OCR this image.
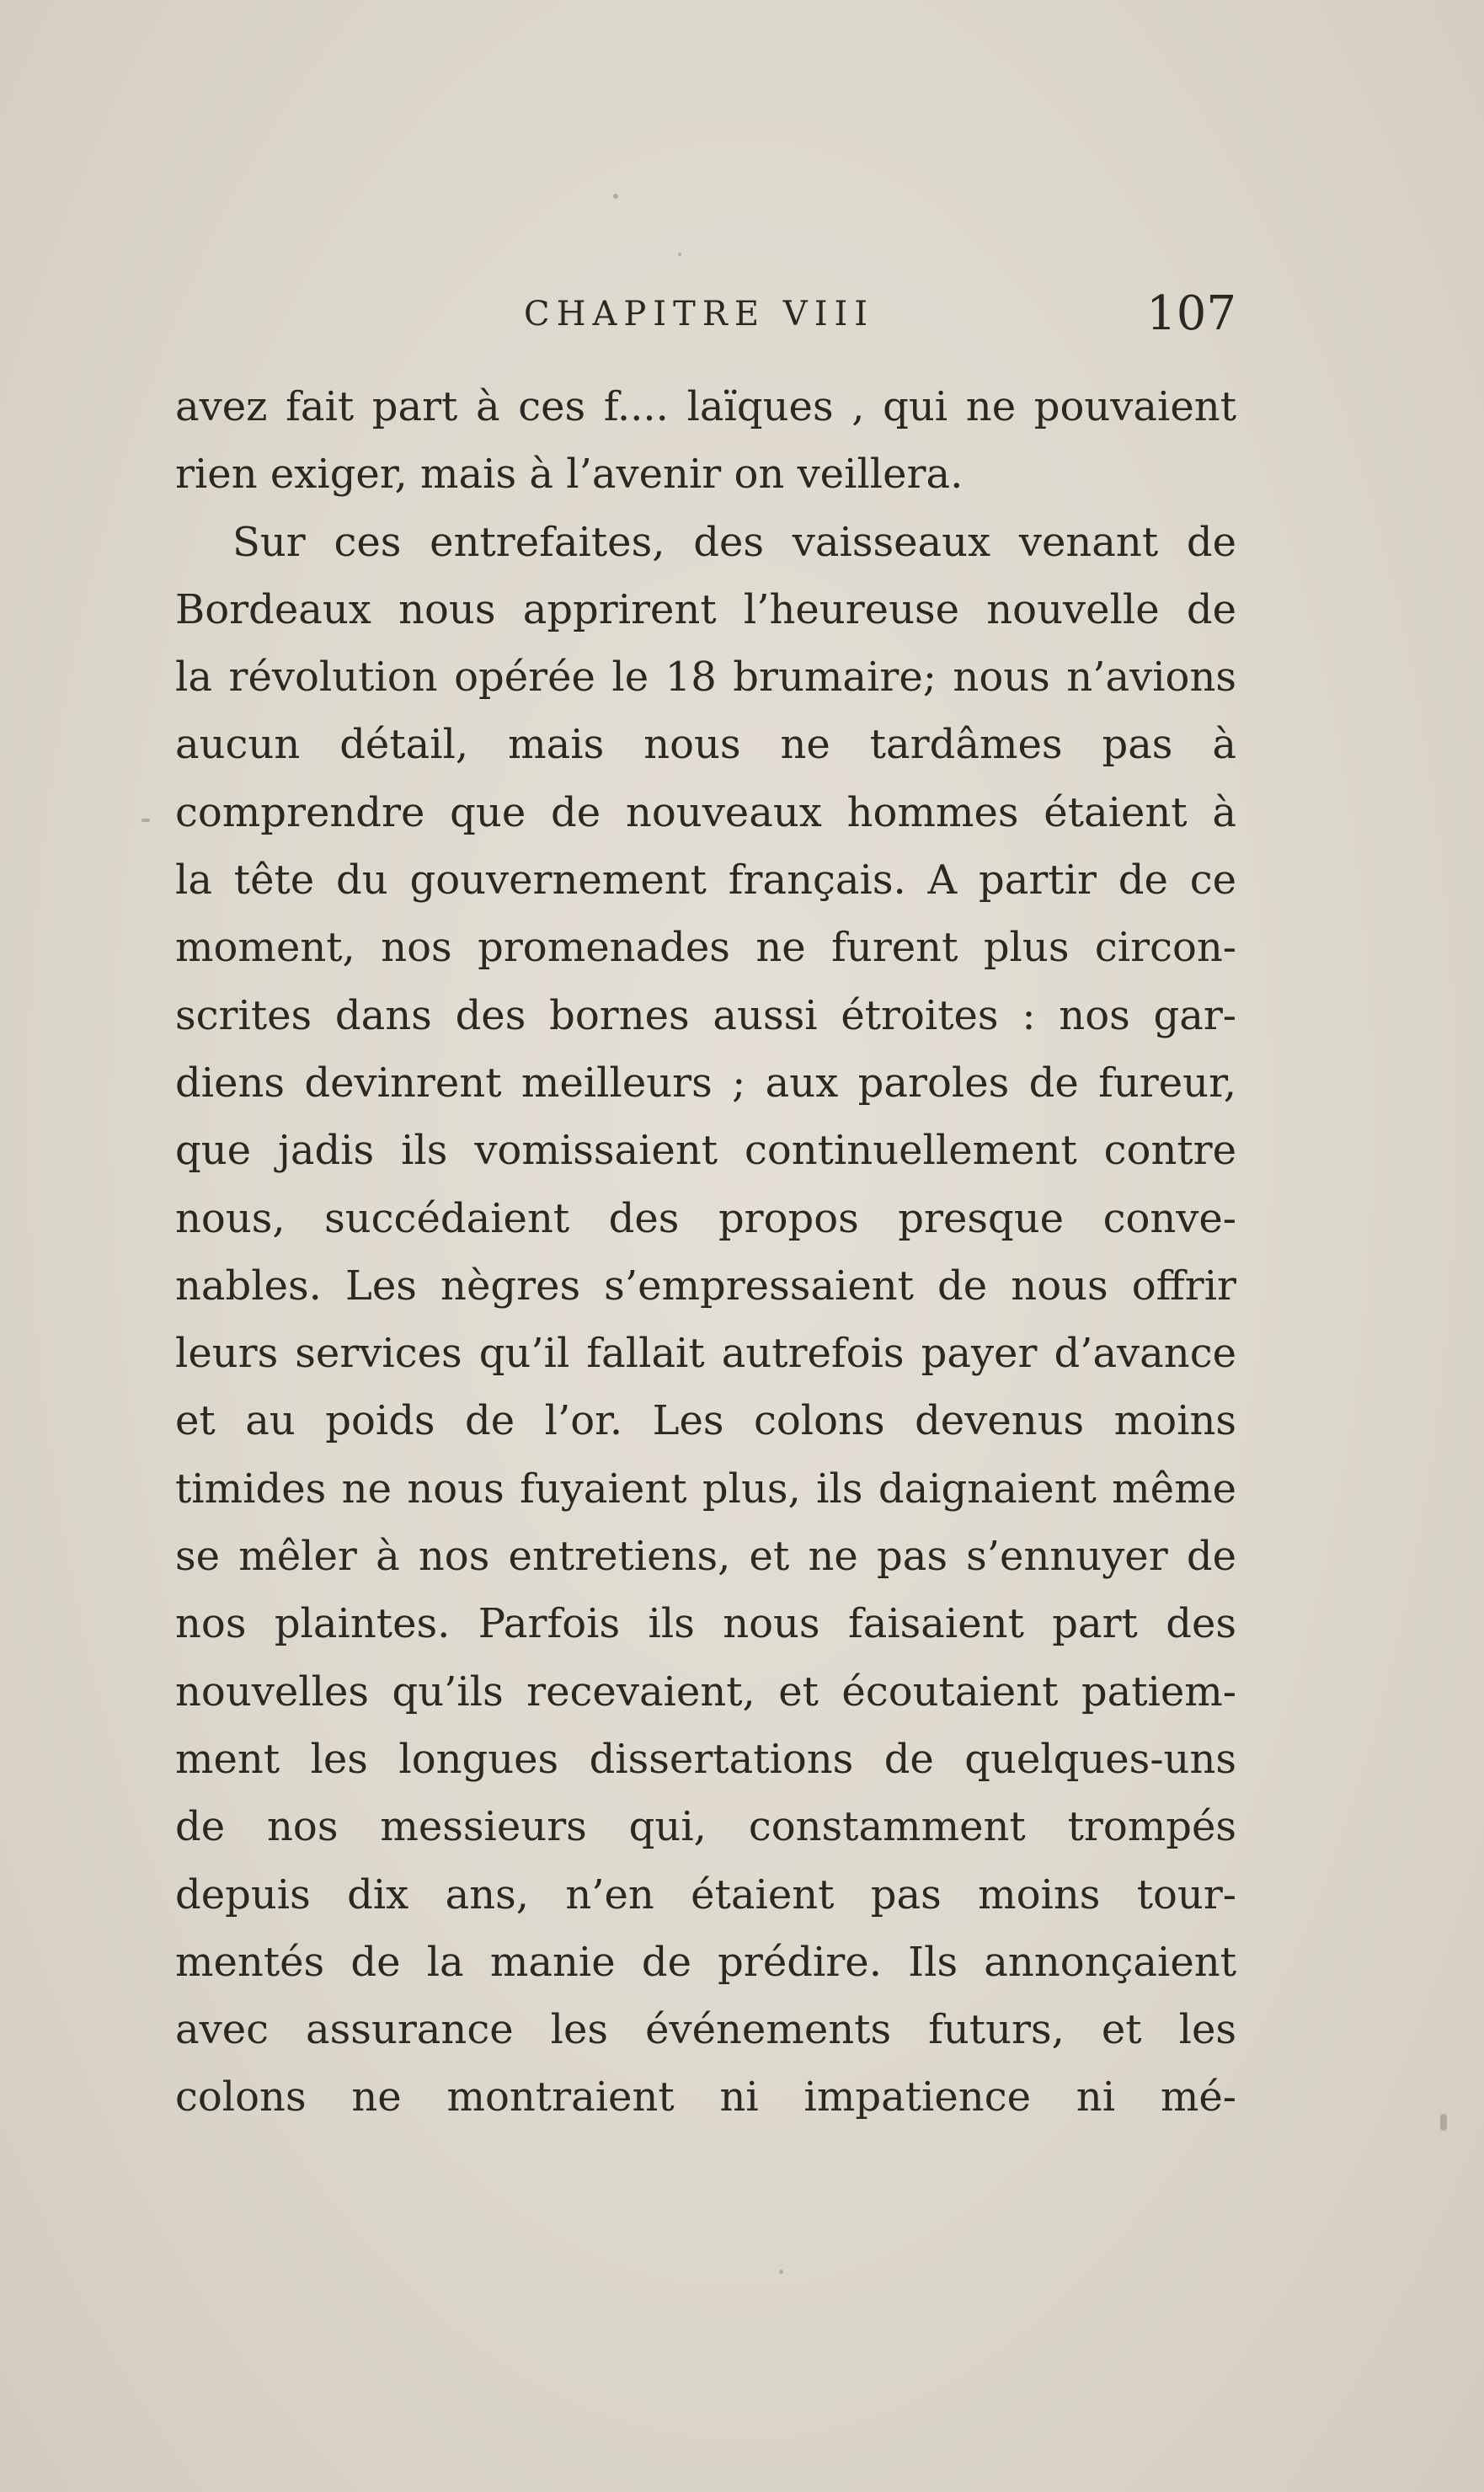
CHAPITRE VIII	107
avez fait part à ces f.... laïques , qui ne pouvaient
rien exiger, mais à l’avenir on veillera.
Sur ces entrefaites, des vaisseaux venant de
Bordeaux nous apprirent l’heureuse nouvelle de
la révolution opérée le 18 brumaire; nous n’avions
aucun détail, mais nous ne tardâmes pas à
comprendre que de nouveaux hommes étaient à
la tête du gouvernement français. A partir de ce
moment, nos promenades ne furent plus circon-
scrites dans des bornes aussi étroites : nos gar-
diens devinrent meilleurs ; aux paroles de fureur,
que jadis ils vomissaient continuellement contre
nous, succédaient des propos presque conve-
nables. Les nègres s’empressaient de nous offrir
leurs services qu’il fallait autrefois payer d’avance
et au poids de l’or. Les colons devenus moins
timides ne nous fuyaient plus, ils daignaient même
se mêler à nos entretiens, et ne pas s’ennuyer de
nos plaintes. Parfois ils nous faisaient part des
nouvelles qu’ils recevaient, et écoutaient patiem-
ment les longues dissertations de quelques-uns
de nos messieurs qui, constamment trompés
depuis dix ans, n’en étaient pas moins tour-
mentés de la manie de prédire. Ils annonçaient
avec assurance les événements futurs, et les
colons ne montraient ni impatience ni mé-
